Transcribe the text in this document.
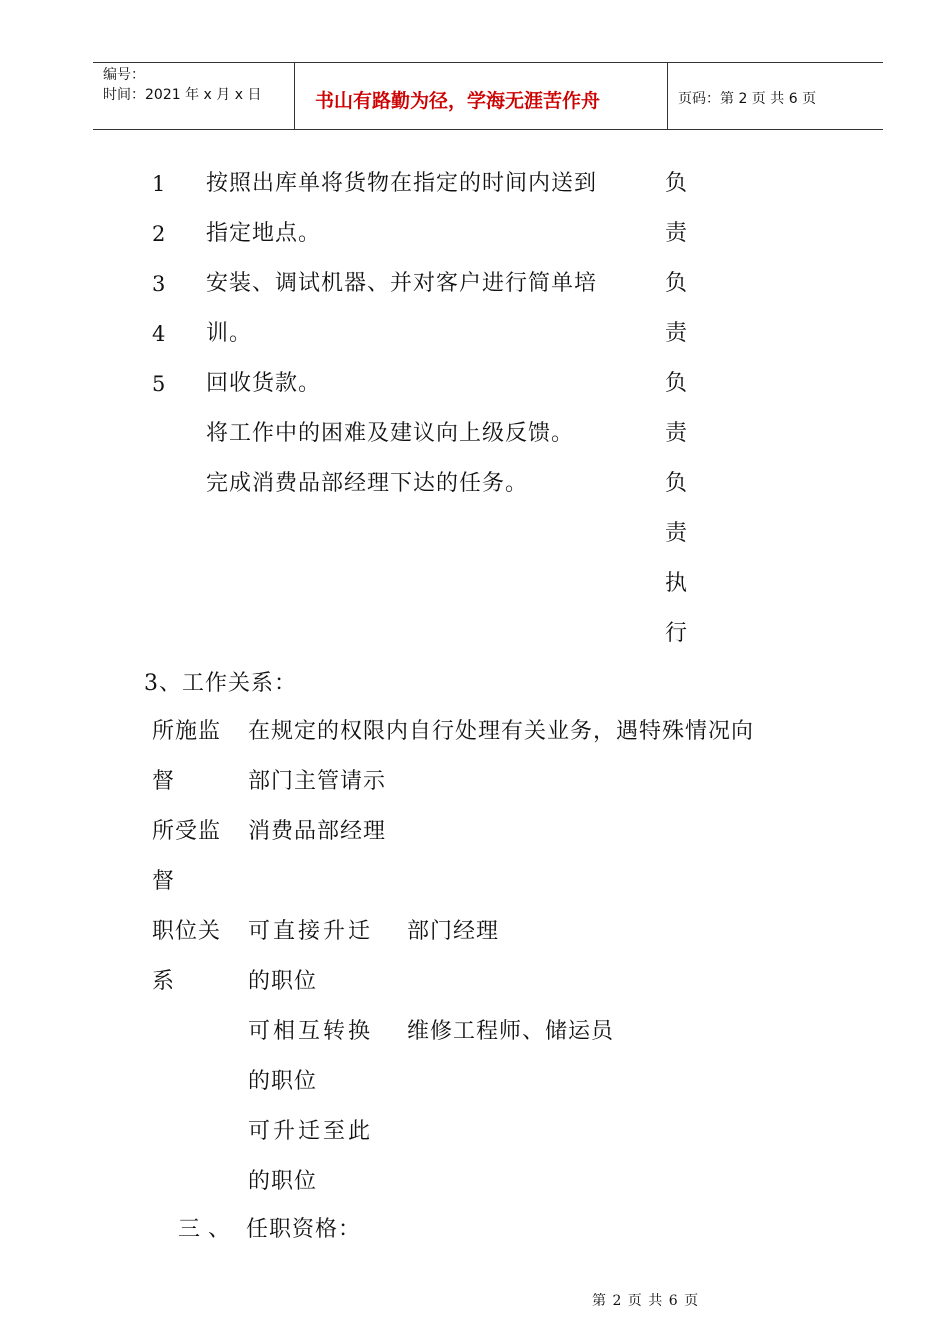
编号：
时间：2021 年 x 月 x 日	书山有路勤为径，学海无涯苦作舟	页码：第 2 页 共 6 页
1
2
3
4
5
按照出库单将货物在指定的时间内送到
指定地点。
安装、调试机器、并对客户进行简单培
训。
回收货款。
将工作中的困难及建议向上级反馈。
完成消费品部经理下达的任务。
负
责
负
责
负
责
负
责
执
行
3、工作关系：
所施监
督
在规定的权限内自行处理有关业务，遇特殊情况向
部门主管请示
所受监
督
消费品部经理
职位关
系
可直接升迁 部门经理
的职位
可相互转换 维修工程师、储运员
的职位
可升迁至此
的职位
三、 任职资格：
第 2 页 共 6 页
